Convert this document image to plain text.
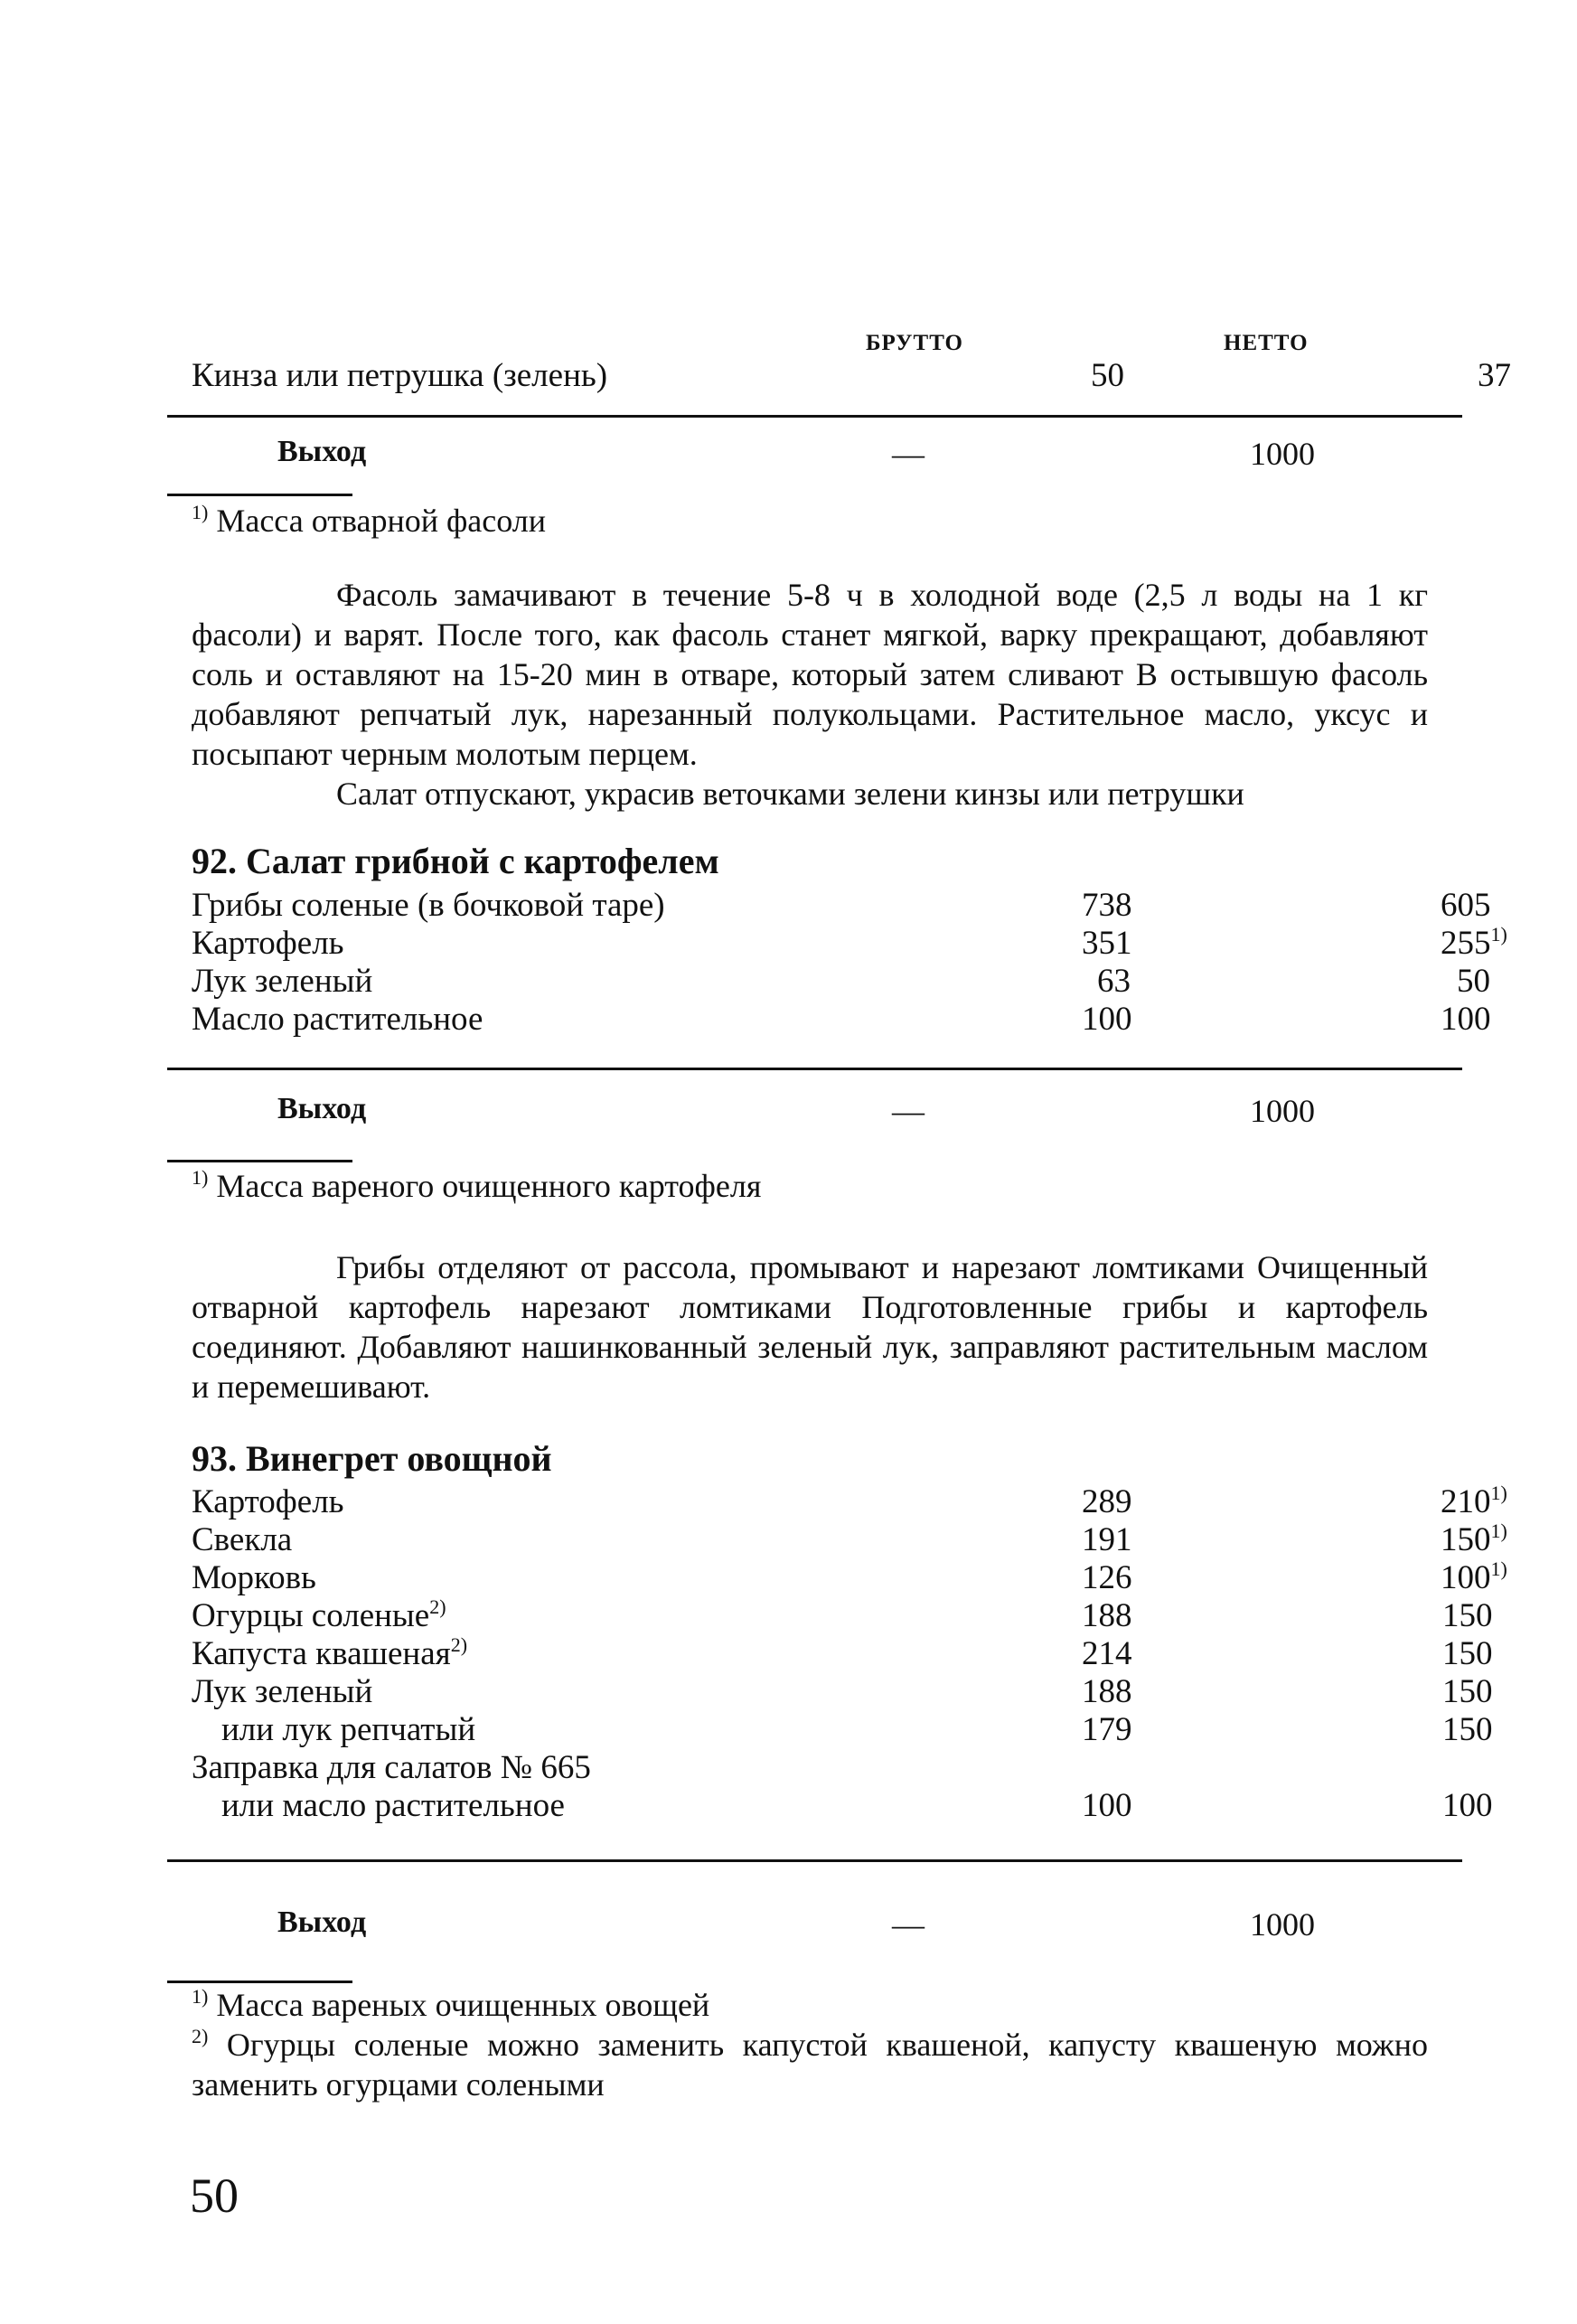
БРУТТО	НЕТТО
Кинза или петрушка (зелень)	50	37
Выход	—	1000
$^{1)}$ Масса отварной фасоли

Фасоль замачивают в течение 5-8 ч в холодной воде (2,5 л воды на 1 кг фасоли) и варят. После того, как фасоль станет мягкой, варку прекращают, добавляют соль и оставляют на 15-20 мин в отваре, который затем сливают В остывшую фасоль добавляют репчатый лук, нарезанный полукольцами. Растительное масло, уксус и посыпают черным молотым перцем.

Салат отпускают, украсив веточками зелени кинзы или петрушки

92. Салат грибной с картофелем
Грибы соленые (в бочковой таре)	738	605
Картофель	351	255$^{1)}$
Лук зеленый	63	50
Масло растительное	100	100
Выход	—	1000
$^{1)}$ Масса вареного очищенного картофеля

Грибы отделяют от рассола, промывают и нарезают ломтиками Очищенный отварной картофель нарезают ломтиками Подготовленные грибы и картофель соединяют. Добавляют нашинкованный зеленый лук, заправляют растительным маслом и перемешивают.

93. Винегрет овощной
Картофель	289	210$^{1)}$
Свекла	191	150$^{1)}$
Морковь	126	100$^{1)}$
Огурцы соленые$^{2)}$	188	150
Капуста квашеная$^{2)}$	214	150
Лук зеленый	188	150
или лук репчатый	179	150
Заправка для салатов № 665
или масло растительное	100	100
Выход	—	1000
$^{1)}$ Масса вареных очищенных овощей
$^{2)}$ Огурцы соленые можно заменить капустой квашеной, капусту квашеную можно заменить огурцами солеными
50
